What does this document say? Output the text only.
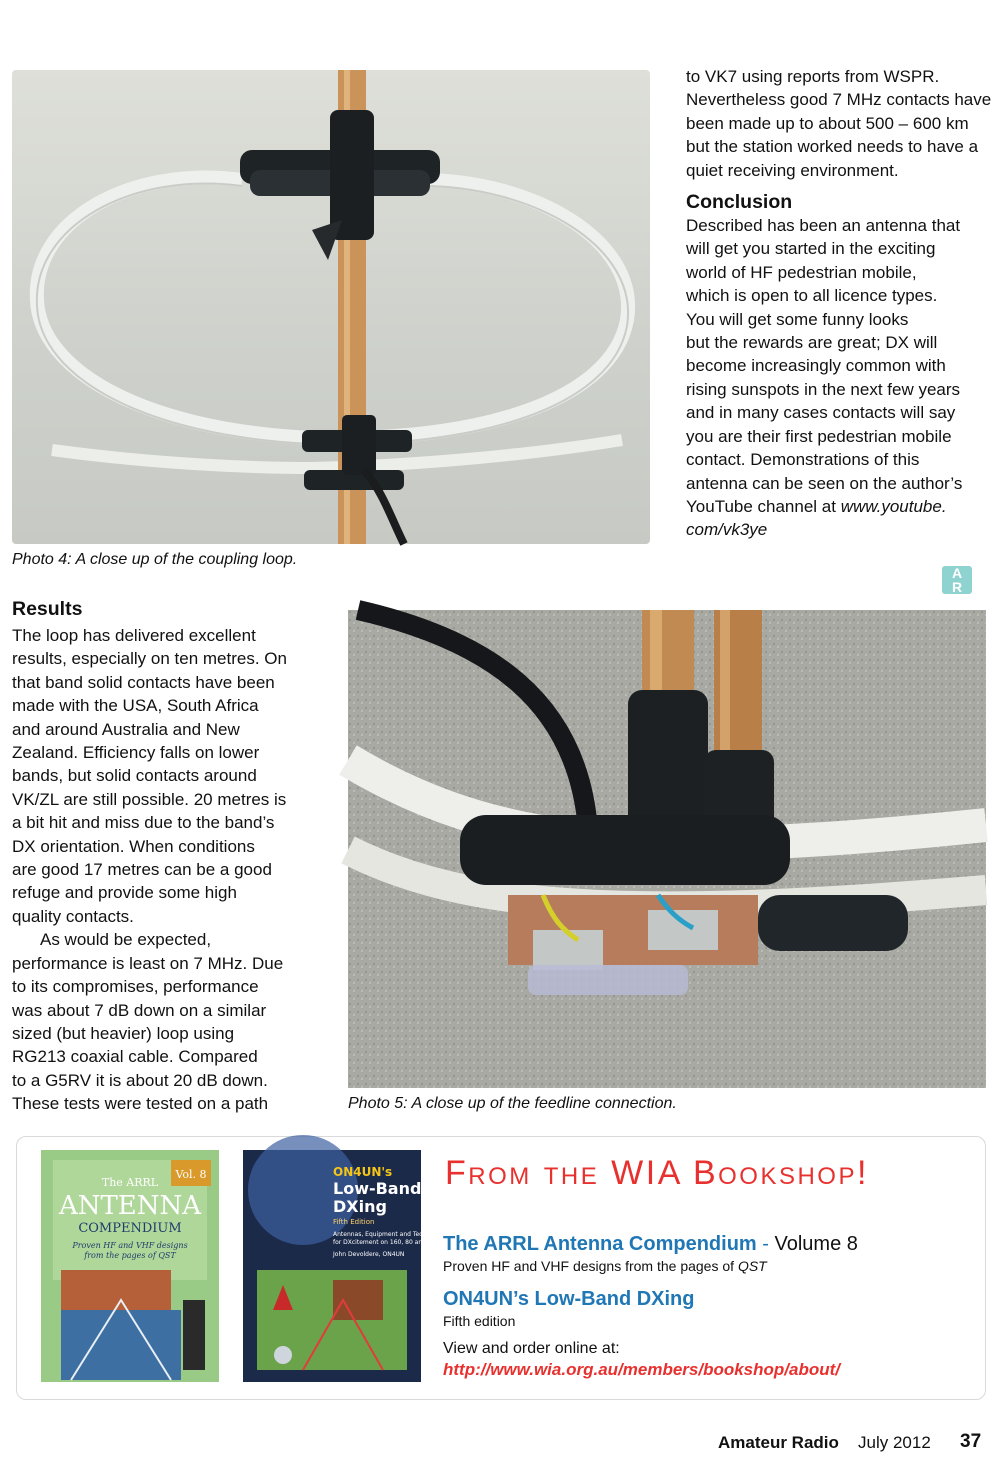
Photo 4: A close up of the coupling loop.

to VK7 using reports from WSPR. Nevertheless good 7 MHz contacts have been made up to about 500 – 600 km but the station worked needs to have a quiet receiving environment.

Conclusion
Described has been an antenna that
will get you started in the exciting
world of HF pedestrian mobile,
which is open to all licence types.
You will get some funny looks
but the rewards are great; DX will
become increasingly common with
rising sunspots in the next few years
and in many cases contacts will say
you are their first pedestrian mobile
contact. Demonstrations of this
antenna can be seen on the author’s
YouTube channel at www.youtube.
com/vk3ye
A
R
Results
The loop has delivered excellent
results, especially on ten metres. On
that band solid contacts have been
made with the USA, South Africa
and around Australia and New
Zealand. Efficiency falls on lower
bands, but solid contacts around
VK/ZL are still possible. 20 metres is
a bit hit and miss due to the band’s
DX orientation. When conditions
are good 17 metres can be a good
refuge and provide some high
quality contacts.
As would be expected,
performance is least on 7 MHz. Due
to its compromises, performance
was about 7 dB down on a similar
sized (but heavier) loop using
RG213 coaxial cable. Compared
to a G5RV it is about 20 dB down.
These tests were tested on a path	Photo 5: A close up of the feedline connection.
Vol. 8
The ARRL
ANTENNA
COMPENDIUM
Proven HF and VHF designs
from the pages of QST
ON4UN's
Low-Band
DXing
Fifth Edition
Antennas, Equipment and Techniques
for DXcitement on 160, 80 and 40 Meters
John Devoldere, ON4UN
From the WIA Bookshop!
The ARRL Antenna Compendium - Volume 8
Proven HF and VHF designs from the pages of QST
ON4UN’s Low-Band DXing
Fifth edition
View and order online at:
http://www.wia.org.au/members/bookshop/about/
Amateur Radio July 2012 37
